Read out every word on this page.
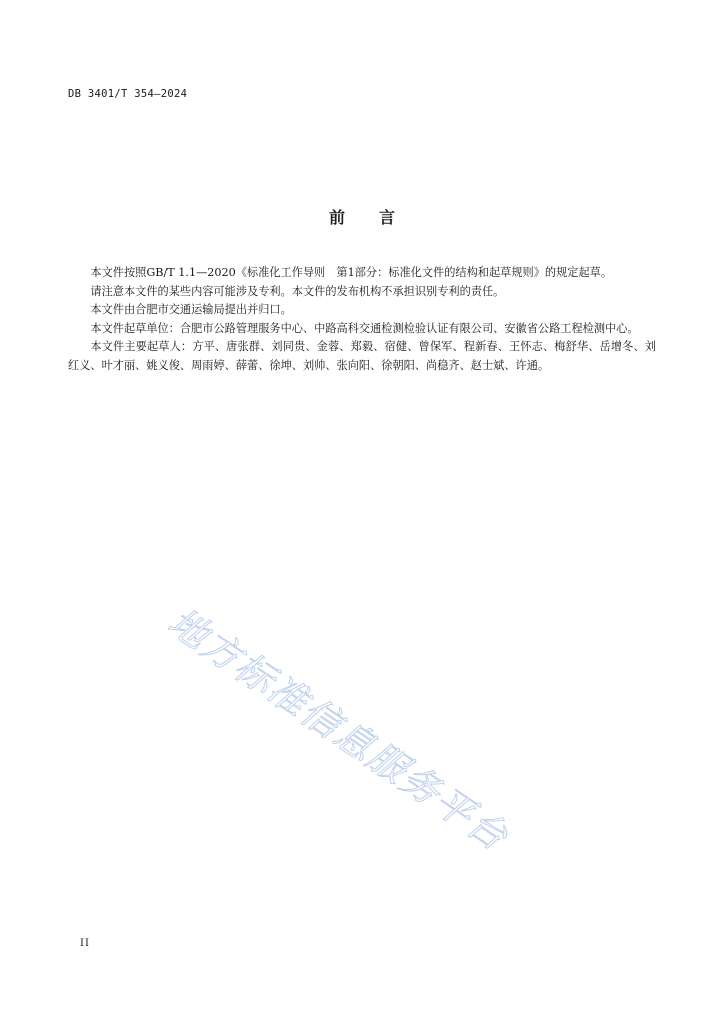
DB 3401/T 354—2024
前 言

本文件按照GB/T 1.1—2020《标准化工作导则　第1部分：标准化文件的结构和起草规则》的规定起草。

请注意本文件的某些内容可能涉及专利。本文件的发布机构不承担识别专利的责任。

本文件由合肥市交通运输局提出并归口。

本文件起草单位：合肥市公路管理服务中心、中路高科交通检测检验认证有限公司、安徽省公路工程检测中心。

本文件主要起草人：方平、唐张群、刘同贵、金蓉、郑毅、宿健、曾保军、程新春、王怀志、梅舒华、岳增冬、刘红义、叶才丽、姚义俊、周雨婷、薛蕾、徐坤、刘帅、张向阳、徐朝阳、尚稳齐、赵士斌、许通。

地方标准信息服务平台
II
